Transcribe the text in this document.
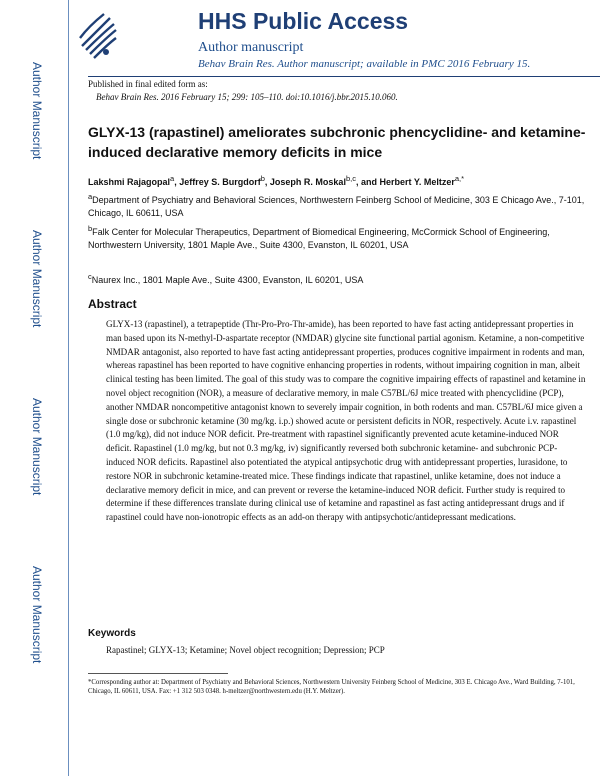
Author Manuscript
Author Manuscript
Author Manuscript
Author Manuscript
HHS Public Access
Author manuscript
Behav Brain Res. Author manuscript; available in PMC 2016 February 15.
Published in final edited form as:
Behav Brain Res. 2016 February 15; 299: 105–110. doi:10.1016/j.bbr.2015.10.060.
GLYX-13 (rapastinel) ameliorates subchronic phencyclidine- and ketamine-induced declarative memory deficits in mice
Lakshmi Rajagopal$^a$, Jeffrey S. Burgdorf$^b$, Joseph R. Moskal$^{b,c}$, and Herbert Y. Meltzer$^{a,*}$
$^a$Department of Psychiatry and Behavioral Sciences, Northwestern Feinberg School of Medicine, 303 E Chicago Ave., 7-101, Chicago, IL 60611, USA
$^b$Falk Center for Molecular Therapeutics, Department of Biomedical Engineering, McCormick School of Engineering, Northwestern University, 1801 Maple Ave., Suite 4300, Evanston, IL 60201, USA
$^c$Naurex Inc., 1801 Maple Ave., Suite 4300, Evanston, IL 60201, USA
Abstract
GLYX-13 (rapastinel), a tetrapeptide (Thr-Pro-Pro-Thr-amide), has been reported to have fast acting antidepressant properties in man based upon its N-methyl-D-aspartate receptor (NMDAR) glycine site functional partial agonism. Ketamine, a non-competitive NMDAR antagonist, also reported to have fast acting antidepressant properties, produces cognitive impairment in rodents and man, whereas rapastinel has been reported to have cognitive enhancing properties in rodents, without impairing cognition in man, albeit clinical testing has been limited. The goal of this study was to compare the cognitive impairing effects of rapastinel and ketamine in novel object recognition (NOR), a measure of declarative memory, in male C57BL/6J mice treated with phencyclidine (PCP), another NMDAR noncompetitive antagonist known to severely impair cognition, in both rodents and man. C57BL/6J mice given a single dose or subchronic ketamine (30 mg/kg. i.p.) showed acute or persistent deficits in NOR, respectively. Acute i.v. rapastinel (1.0 mg/kg), did not induce NOR deficit. Pre-treatment with rapastinel significantly prevented acute ketamine-induced NOR deficit. Rapastinel (1.0 mg/kg, but not 0.3 mg/kg, iv) significantly reversed both subchronic ketamine- and subchronic PCP-induced NOR deficits. Rapastinel also potentiated the atypical antipsychotic drug with antidepressant properties, lurasidone, to restore NOR in subchronic ketamine-treated mice. These findings indicate that rapastinel, unlike ketamine, does not induce a declarative memory deficit in mice, and can prevent or reverse the ketamine-induced NOR deficit. Further study is required to determine if these differences translate during clinical use of ketamine and rapastinel as fast acting antidepressant drugs and if rapastinel could have non-ionotropic effects as an add-on therapy with antipsychotic/antidepressant medications.
Keywords
Rapastinel; GLYX-13; Ketamine; Novel object recognition; Depression; PCP
*Corresponding author at: Department of Psychiatry and Behavioral Sciences, Northwestern University Feinberg School of Medicine, 303 E. Chicago Ave., Ward Building, 7-101, Chicago, IL 60611, USA. Fax: +1 312 503 0348. h-meltzer@northwestern.edu (H.Y. Meltzer).
